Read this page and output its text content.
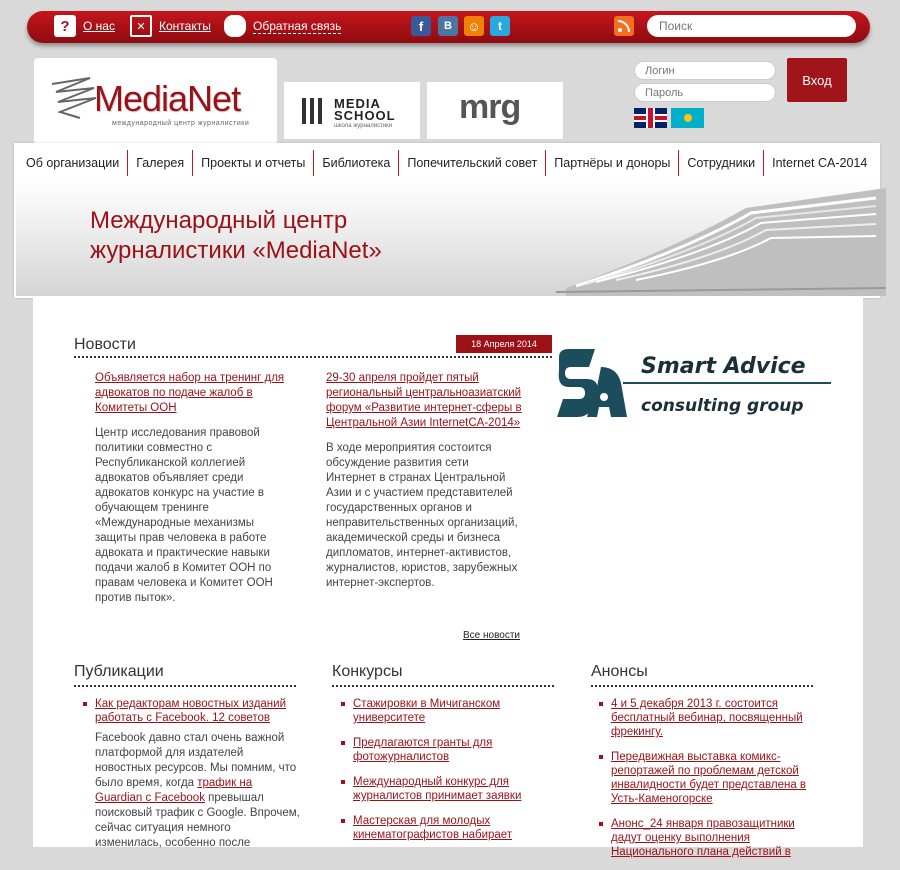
?	О нас	✕	Контакты	Обратная связь	f	B	☺	t
Поиск
MediaNet
международный центр журналистики
MEDIA
SCHOOL
школа журналистики mrg
Логин
Вход
Об организации	Галерея	Проекты и отчеты	Библиотека	Попечительский совет	Партнёры и доноры	Сотрудники	Internet CA-2014
Международный центр
журналистики «MediaNet»
Новости	18 Апреля 2014
Объявляется набор на тренинг для адвокатов по подаче жалоб в Комитеты ООН
Центр исследования правовой политики совместно с Республиканской коллегией адвокатов объявляет среди адвокатов конкурс на участие в обучающем тренинге «Международные механизмы защиты прав человека в работе адвоката и практические навыки подачи жалоб в Комитет ООН по правам человека и Комитет ООН против пыток».
29-30 апреля пройдет пятый региональный центральноазиатский форум «Развитие интернет-сферы в Центральной Азии InternetCA-2014»
В ходе мероприятия состоится обсуждение развития сети Интернет в странах Центральной Азии и с участием представителей государственных органов и неправительственных организаций, академической среды и бизнеса дипломатов, интернет-активистов, журналистов, юристов, зарубежных интернет-экспертов.
Все новости
Smart Advice
consulting group
Публикации
Как редакторам новостных изданий работать с Facebook. 12 советов
Facebook давно стал очень важной платформой для издателей новостных ресурсов. Мы помним, что было время, когда трафик на Guardian с Facebook превышал поисковый трафик с Google. Впрочем, сейчас ситуация немного изменилась, особенно после
Конкурсы
Стажировки в Мичиганском университете
Предлагаются гранты для фотожурналистов
Международный конкурс для журналистов принимает заявки
Мастерская для молодых кинематографистов набирает
Анонсы
4 и 5 декабря 2013 г. состоится бесплатный вебинар, посвященный фрекингу.
Передвижная выставка комикс-репортажей по проблемам детской инвалидности будет представлена в Усть-Каменогорске
Анонс_24 января правозащитники дадут оценку выполнения Национального плана действий в
